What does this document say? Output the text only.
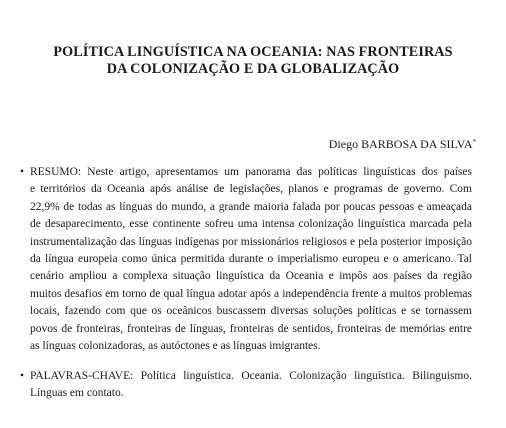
POLÍTICA LINGUÍSTICA NA OCEANIA: NAS FRONTEIRAS
DA COLONIZAÇÃO E DA GLOBALIZAÇÃO
Diego BARBOSA DA SILVA*
• RESUMO: Neste artigo, apresentamos um panorama das políticas linguísticas dos países
e territórios da Oceania após análise de legislações, planos e programas de governo. Com
22,9% de todas as línguas do mundo, a grande maioria falada por poucas pessoas e ameaçada
de desaparecimento, esse continente sofreu uma intensa colonização linguística marcada pela
instrumentalização das línguas indígenas por missionários religiosos e pela posterior imposição
da língua europeia como única permitida durante o imperialismo europeu e o americano. Tal
cenário ampliou a complexa situação linguística da Oceania e impôs aos países da região
muitos desafios em torno de qual língua adotar após a independência frente a muitos problemas
locais, fazendo com que os oceânicos buscassem diversas soluções políticas e se tornassem
povos de fronteiras, fronteiras de línguas, fronteiras de sentidos, fronteiras de memórias entre
as línguas colonizadoras, as autóctones e as línguas imigrantes.
• PALAVRAS-CHAVE: Política linguística. Oceania. Colonização linguística. Bilinguismo.
Línguas em contato.
